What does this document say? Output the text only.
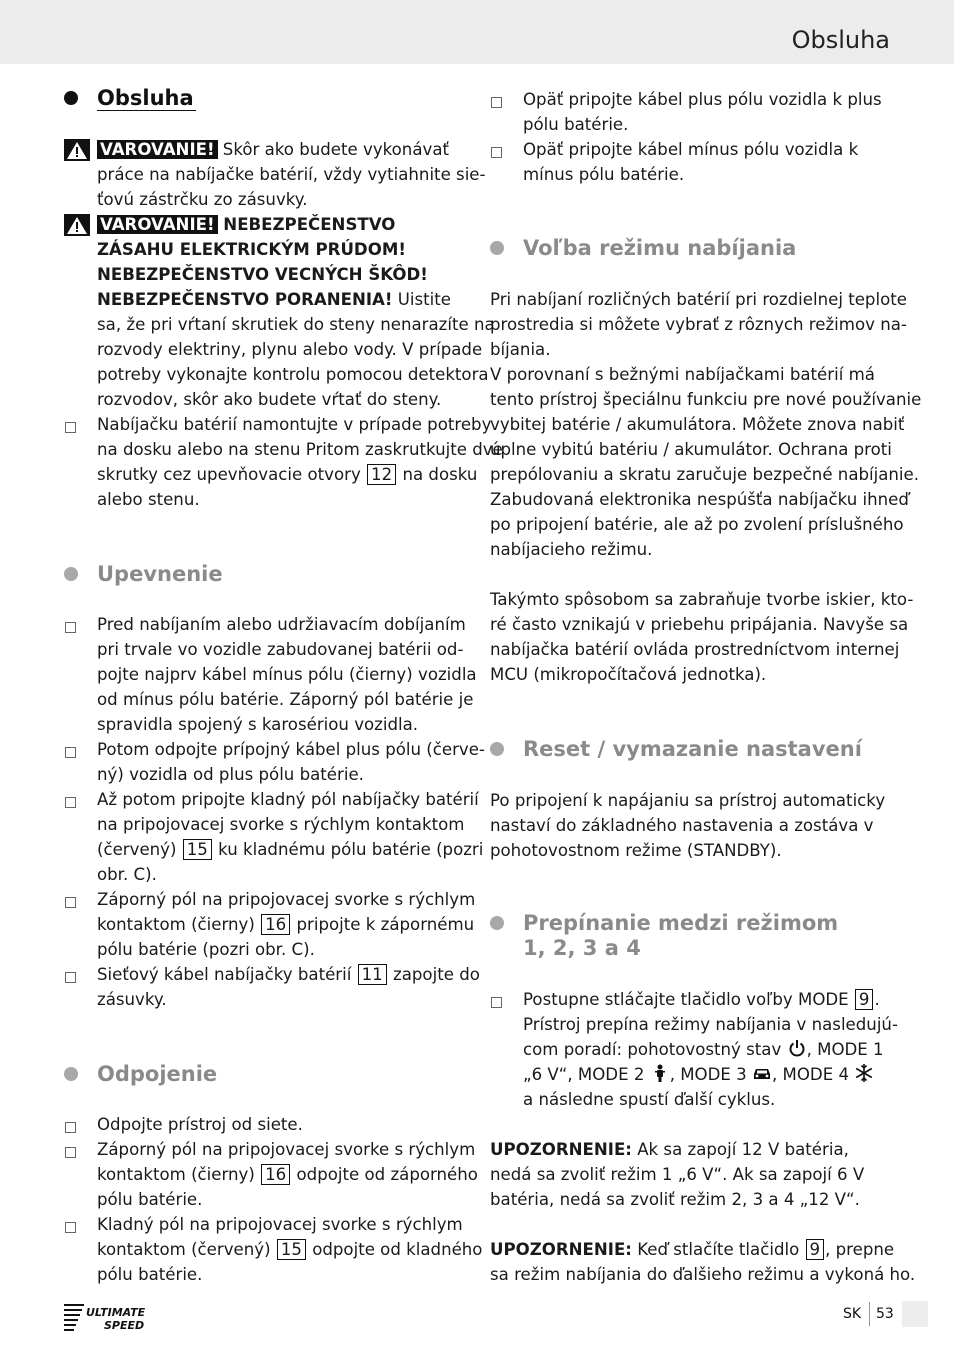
Obsluha
Obsluha
VAROVANIE! Skôr ako budete vykonávať
práce na nabíjačke batérií, vždy vytiahnite sie-
ťovú zástrčku zo zásuvky.
VAROVANIE! NEBEZPEČENSTVO
ZÁSAHU ELEKTRICKÝM PRÚDOM!
NEBEZPEČENSTVO VECNÝCH ŠKÔD!
NEBEZPEČENSTVO PORANENIA! Uistite
sa, že pri vŕtaní skrutiek do steny nenarazíte na
rozvody elektriny, plynu alebo vody. V prípade
potreby vykonajte kontrolu pomocou detektora
rozvodov, skôr ako budete vŕtať do steny.
Nabíjačku batérií namontujte v prípade potreby
na dosku alebo na stenu Pritom zaskrutkujte dve
skrutky cez upevňovacie otvory 12 na dosku
alebo stenu.
Upevnenie
Pred nabíjaním alebo udržiavacím dobíjaním
pri trvale vo vozidle zabudovanej batérii od-
pojte najprv kábel mínus pólu (čierny) vozidla
od mínus pólu batérie. Záporný pól batérie je
spravidla spojený s karosériou vozidla.
Potom odpojte prípojný kábel plus pólu (červe-
ný) vozidla od plus pólu batérie.
Až potom pripojte kladný pól nabíjačky batérií
na pripojovacej svorke s rýchlym kontaktom
(červený) 15 ku kladnému pólu batérie (pozri
obr. C).
Záporný pól na pripojovacej svorke s rýchlym
kontaktom (čierny) 16 pripojte k zápornému
pólu batérie (pozri obr. C).
Sieťový kábel nabíjačky batérií 11 zapojte do
zásuvky.
Odpojenie
Odpojte prístroj od siete.
Záporný pól na pripojovacej svorke s rýchlym
kontaktom (čierny) 16 odpojte od záporného
pólu batérie.
Kladný pól na pripojovacej svorke s rýchlym
kontaktom (červený) 15 odpojte od kladného
pólu batérie.
Opäť pripojte kábel plus pólu vozidla k plus
pólu batérie.
Opäť pripojte kábel mínus pólu vozidla k
mínus pólu batérie.
Voľba režimu nabíjania
Pri nabíjaní rozličných batérií pri rozdielnej teplote
prostredia si môžete vybrať z rôznych režimov na-
bíjania.
V porovnaní s bežnými nabíjačkami batérií má
tento prístroj špeciálnu funkciu pre nové používanie
vybitej batérie / akumulátora. Môžete znova nabiť
úplne vybitú batériu / akumulátor. Ochrana proti
prepólovaniu a skratu zaručuje bezpečné nabíjanie.
Zabudovaná elektronika nespúšťa nabíjačku ihneď
po pripojení batérie, ale až po zvolení príslušného
nabíjacieho režimu.
Takýmto spôsobom sa zabraňuje tvorbe iskier, kto-
ré často vznikajú v priebehu pripájania. Navyše sa
nabíjačka batérií ovláda prostredníctvom internej
MCU (mikropočítačová jednotka).
Reset / vymazanie nastavení
Po pripojení k napájaniu sa prístroj automaticky
nastaví do základného nastavenia a zostáva v
pohotovostnom režime (STANDBY).
Prepínanie medzi režimom
1, 2, 3 a 4
Postupne stláčajte tlačidlo voľby MODE 9 .
Prístroj prepína režimy nabíjania v nasledujú-
com poradí: pohotovostný stav , MODE 1
„6 V“, MODE 2 , MODE 3 , MODE 4
a následne spustí ďalší cyklus.
UPOZORNENIE: Ak sa zapojí 12 V batéria,
nedá sa zvoliť režim 1 „6 V“. Ak sa zapojí 6 V
batéria, nedá sa zvoliť režim 2, 3 a 4 „12 V“.
UPOZORNENIE: Keď stlačíte tlačidlo 9 , prepne
sa režim nabíjania do ďalšieho režimu a vykoná ho.
ULTIMATE
SPEED
SK 53
